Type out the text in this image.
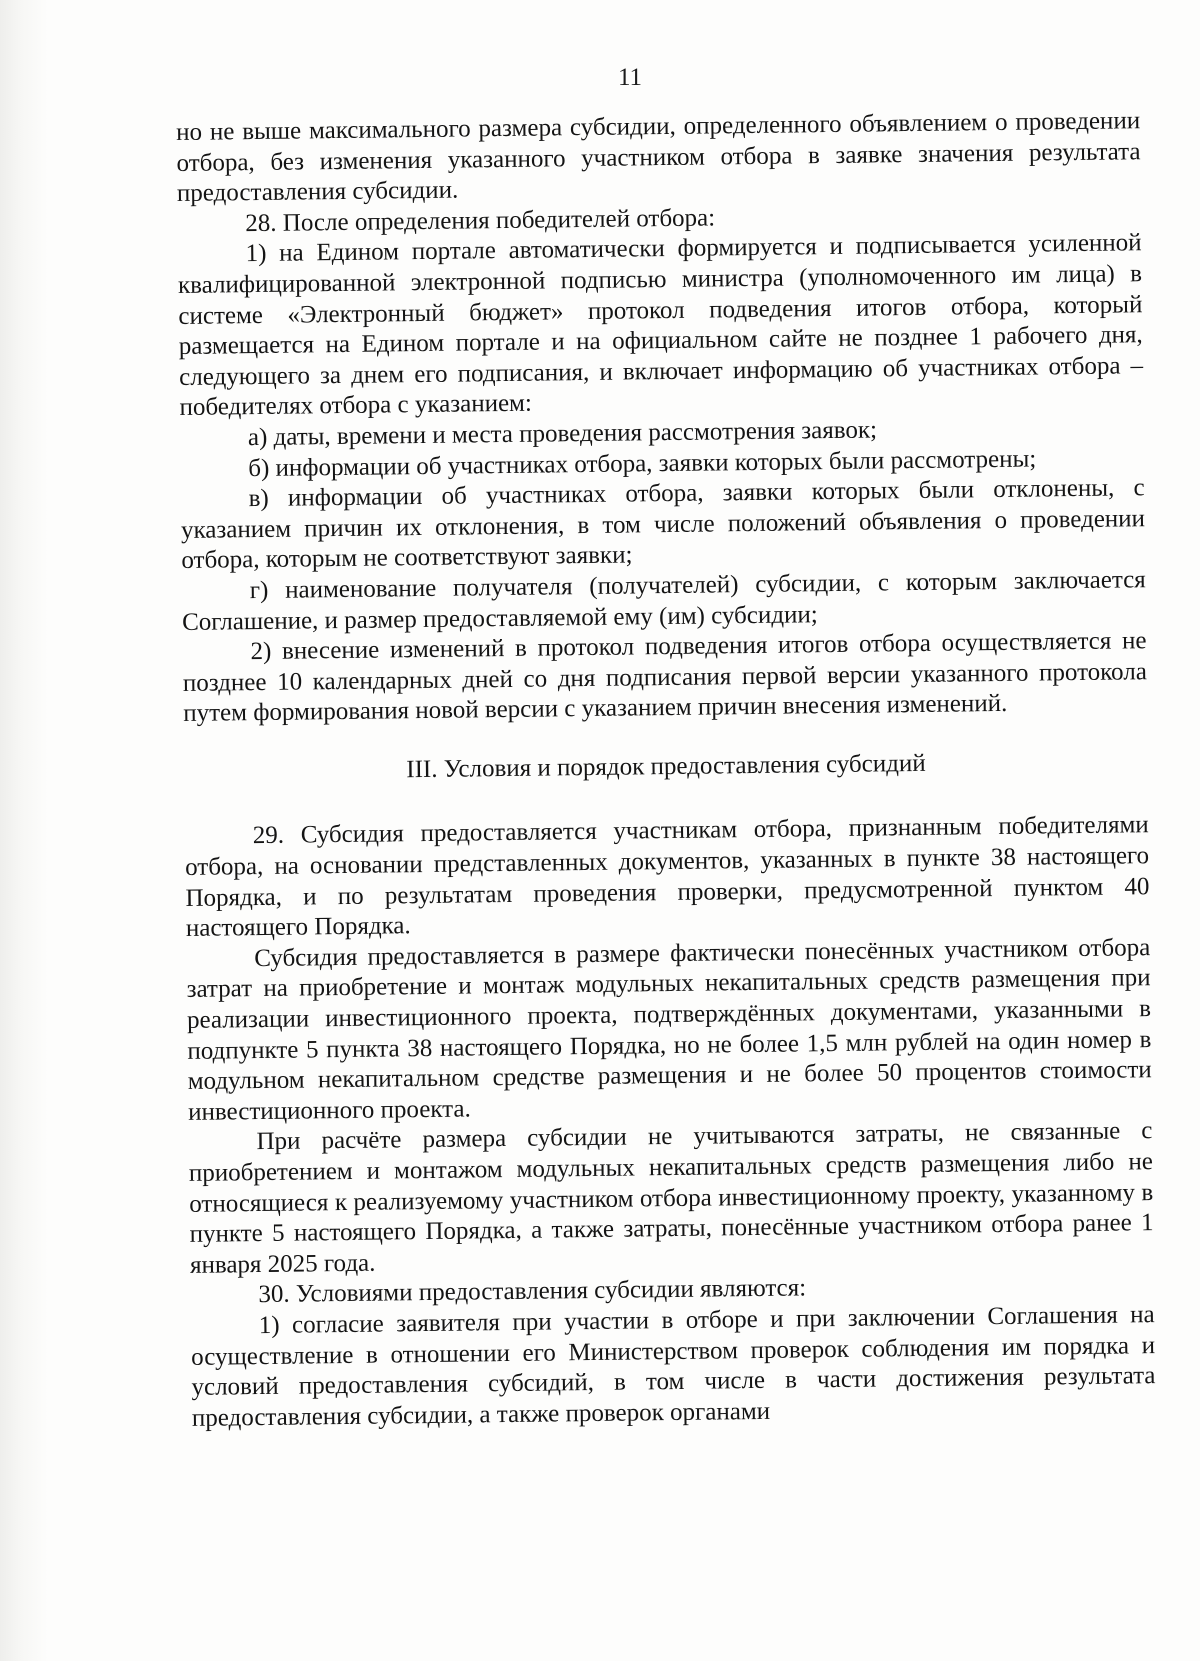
11

но не выше максимального размера субсидии, определенного объявлением о проведении отбора, без изменения указанного участником отбора в заявке значения результата предоставления субсидии.

28. После определения победителей отбора:

1) на Едином портале автоматически формируется и подписывается усиленной квалифицированной электронной подписью министра (уполномоченного им лица) в системе «Электронный бюджет» протокол подведения итогов отбора, который размещается на Едином портале и на официальном сайте не позднее 1 рабочего дня, следующего за днем его подписания, и включает информацию об участниках отбора – победителях отбора с указанием:

а) даты, времени и места проведения рассмотрения заявок;

б) информации об участниках отбора, заявки которых были рассмотрены;

в) информации об участниках отбора, заявки которых были отклонены, с указанием причин их отклонения, в том числе положений объявления о проведении отбора, которым не соответствуют заявки;

г) наименование получателя (получателей) субсидии, с которым заключается Соглашение, и размер предоставляемой ему (им) субсидии;

2) внесение изменений в протокол подведения итогов отбора осуществляется не позднее 10 календарных дней со дня подписания первой версии указанного протокола путем формирования новой версии с указанием причин внесения изменений.

III. Условия и порядок предоставления субсидий

29. Субсидия предоставляется участникам отбора, признанным победителями отбора, на основании представленных документов, указанных в пункте 38 настоящего Порядка, и по результатам проведения проверки, предусмотренной пунктом 40 настоящего Порядка.

Субсидия предоставляется в размере фактически понесённых участником отбора затрат на приобретение и монтаж модульных некапитальных средств размещения при реализации инвестиционного проекта, подтверждённых документами, указанными в подпункте 5 пункта 38 настоящего Порядка, но не более 1,5 млн рублей на один номер в модульном некапитальном средстве размещения и не более 50 процентов стоимости инвестиционного проекта.

При расчёте размера субсидии не учитываются затраты, не связанные с приобретением и монтажом модульных некапитальных средств размещения либо не относящиеся к реализуемому участником отбора инвестиционному проекту, указанному в пункте 5 настоящего Порядка, а также затраты, понесённые участником отбора ранее 1 января 2025 года.

30. Условиями предоставления субсидии являются:

1) согласие заявителя при участии в отборе и при заключении Соглашения на осуществление в отношении его Министерством проверок соблюдения им порядка и условий предоставления субсидий, в том числе в части достижения результата предоставления субсидии, а также проверок органами
